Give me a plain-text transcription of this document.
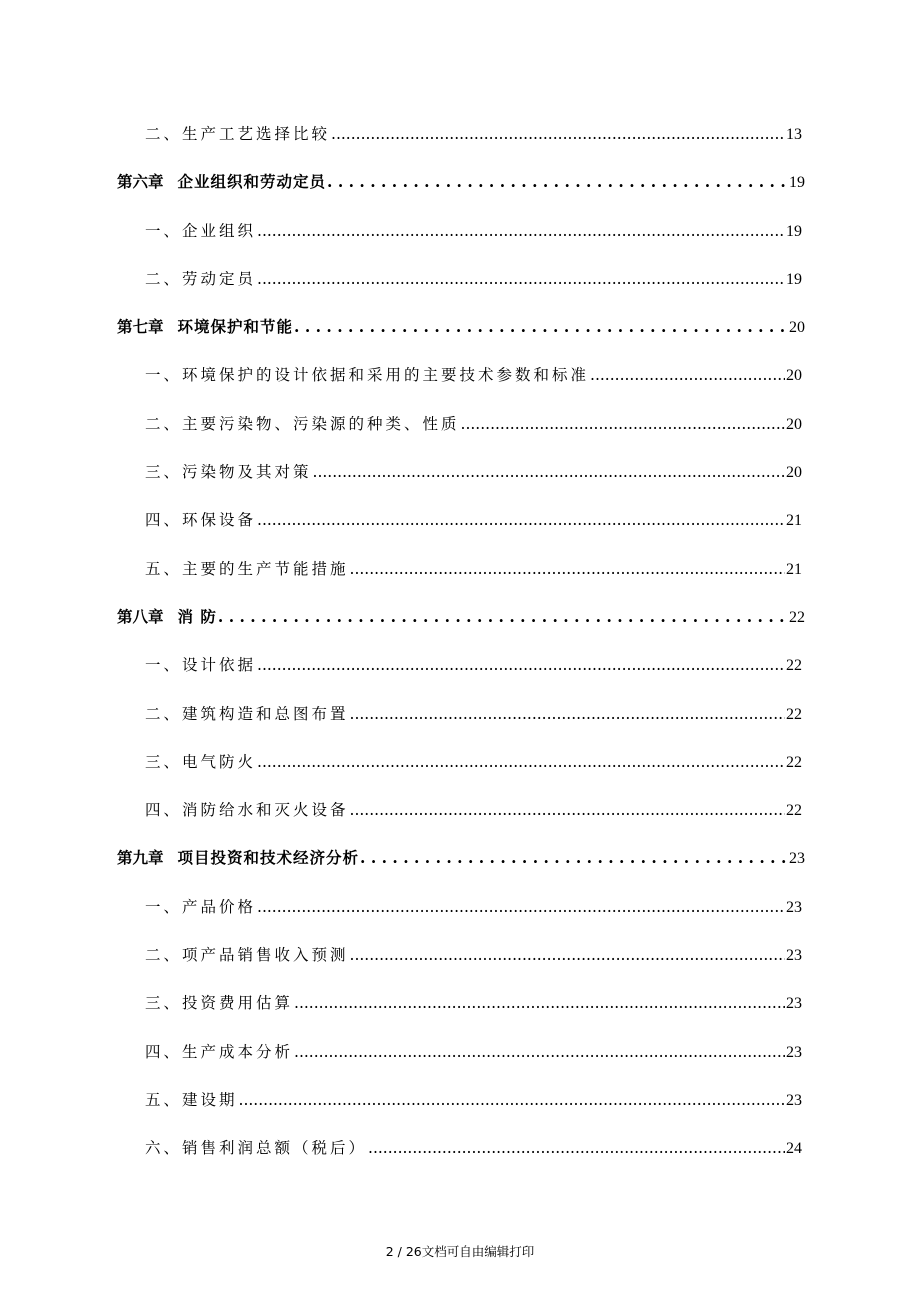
二、生产工艺选择比较 .....	13
第六章 企业组织和劳动定员 . . .	19
一、企业组织 .....	19
二、劳动定员 .....	19
第七章 环境保护和节能 . . .	20
一、环境保护的设计依据和采用的主要技术参数和标准 .....	20
二、主要污染物、污染源的种类、性质 .....	20
三、污染物及其对策 .....	20
四、环保设备 .....	21
五、主要的生产节能措施 .....	21
第八章 消 防 . . .	22
一、设计依据 .....	22
二、建筑构造和总图布置 .....	22
三、电气防火 .....	22
四、消防给水和灭火设备 .....	22
第九章 项目投资和技术经济分析 . . .	23
一、产品价格 .....	23
二、项产品销售收入预测 .....	23
三、投资费用估算 .....	23
四、生产成本分析 .....	23
五、建设期 .....	23
六、销售利润总额（税后） .....	24
2 / 26文档可自由编辑打印
